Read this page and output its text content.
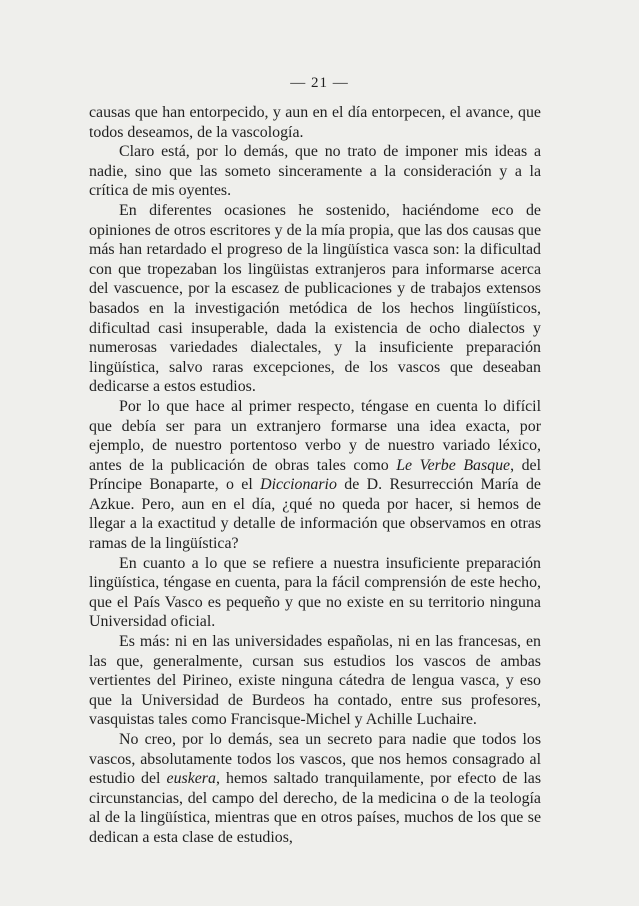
— 21 —

causas que han entorpecido, y aun en el día entorpecen, el avance, que todos deseamos, de la vascología.

Claro está, por lo demás, que no trato de imponer mis ideas a nadie, sino que las someto sinceramente a la consideración y a la crítica de mis oyentes.

En diferentes ocasiones he sostenido, haciéndome eco de opiniones de otros escritores y de la mía propia, que las dos causas que más han retardado el progreso de la lingüística vasca son: la dificultad con que tropezaban los lingüistas extranjeros para informarse acerca del vascuence, por la escasez de publicaciones y de trabajos extensos basados en la investigación metódica de los hechos lingüísticos, dificultad casi insuperable, dada la existencia de ocho dialectos y numerosas variedades dialectales, y la insuficiente preparación lingüística, salvo raras excepciones, de los vascos que deseaban dedicarse a estos estudios.

Por lo que hace al primer respecto, téngase en cuenta lo difícil que debía ser para un extranjero formarse una idea exacta, por ejemplo, de nuestro portentoso verbo y de nuestro variado léxico, antes de la publicación de obras tales como Le Verbe Basque, del Príncipe Bonaparte, o el Diccionario de D. Resurrección María de Azkue. Pero, aun en el día, ¿qué no queda por hacer, si hemos de llegar a la exactitud y detalle de información que observamos en otras ramas de la lingüística?

En cuanto a lo que se refiere a nuestra insuficiente preparación lingüística, téngase en cuenta, para la fácil comprensión de este hecho, que el País Vasco es pequeño y que no existe en su territorio ninguna Universidad oficial.

Es más: ni en las universidades españolas, ni en las francesas, en las que, generalmente, cursan sus estudios los vascos de ambas vertientes del Pirineo, existe ninguna cátedra de lengua vasca, y eso que la Universidad de Burdeos ha contado, entre sus profesores, vasquistas tales como Francisque-Michel y Achille Luchaire.

No creo, por lo demás, sea un secreto para nadie que todos los vascos, absolutamente todos los vascos, que nos hemos consagrado al estudio del euskera, hemos saltado tranquilamente, por efecto de las circunstancias, del campo del derecho, de la medicina o de la teología al de la lingüística, mientras que en otros países, muchos de los que se dedican a esta clase de estudios,
